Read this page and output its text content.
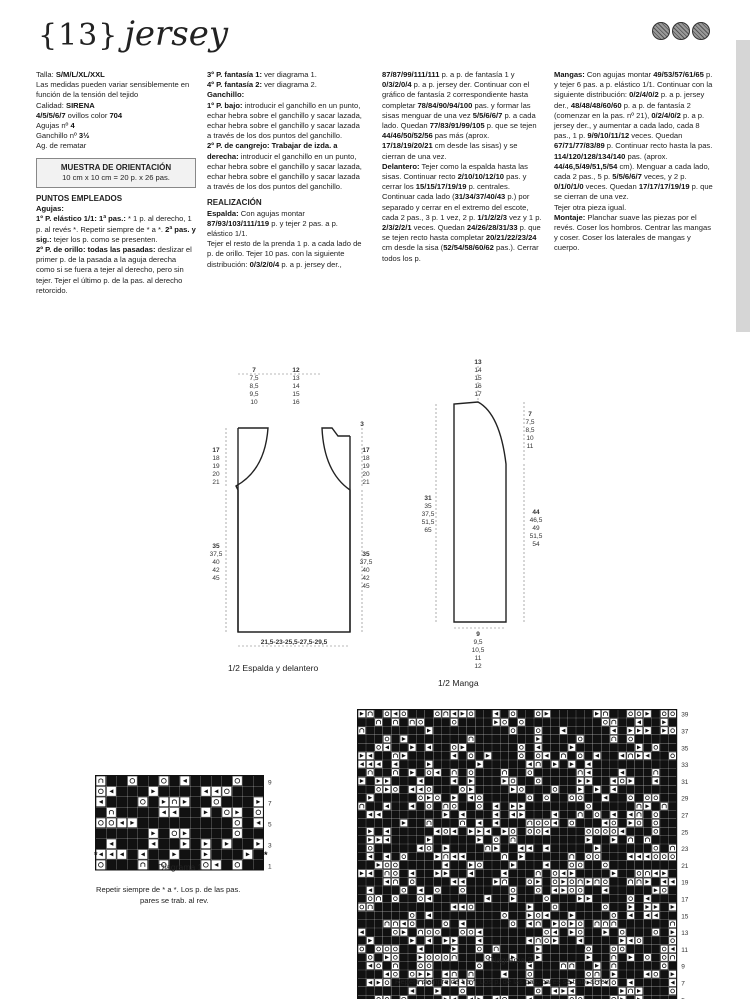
{13} jersey

Talla: S/M/L/XL/XXL

Las medidas pueden variar sensiblemente en función de la tensión del tejido

Calidad: SIRENA

4/5/5/6/7 ovillos color 704

Agujas nº 4

Ganchillo nº 3½

Ag. de rematar

MUESTRA DE ORIENTACIÓN
10 cm x 10 cm = 20 p. x 26 pas.

PUNTOS EMPLEADOS

Agujas:

1º P. elástico 1/1: 1ª pas.: * 1 p. al derecho, 1 p. al revés *. Repetir siempre de * a *. 2ª pas. y sig.: tejer los p. como se presenten.

2º P. de orillo: todas las pasadas: deslizar el primer p. de la pasada a la aguja derecha como si se fuera a tejer al derecho, pero sin tejer. Tejer el último p. de la pas. al derecho retorcido.

3º P. fantasía 1: ver diagrama 1.

4º P. fantasía 2: ver diagrama 2.

Ganchillo:

1º P. bajo: introducir el ganchillo en un punto, echar hebra sobre el ganchillo y sacar lazada, echar hebra sobre el ganchillo y sacar lazada a través de los dos puntos del ganchillo.

2º P. de cangrejo: Trabajar de izda. a derecha: introducir el ganchillo en un punto, echar hebra sobre el ganchillo y sacar lazada, echar hebra sobre el ganchillo y sacar lazada a través de los dos puntos del ganchillo.

REALIZACIÓN

Espalda: Con agujas montar 87/93/103/111/119 p. y tejer 2 pas. a p. elástico 1/1.

Tejer el resto de la prenda 1 p. a cada lado de p. de orillo. Tejer 10 pas. con la siguiente distribución: 0/3/2/0/4 p. a p. jersey der.,

87/87/99/111/111 p. a p. de fantasía 1 y 0/3/2/0/4 p. a p. jersey der. Continuar con el gráfico de fantasía 2 correspondiente hasta completar 78/84/90/94/100 pas. y formar las sisas menguar de una vez 5/5/6/6/7 p. a cada lado. Quedan 77/83/91/99/105 p. que se tejen 44/46/50/52/56 pas más (aprox. 17/18/19/20/21 cm desde las sisas) y se cierran de una vez.

Delantero: Tejer como la espalda hasta las sisas. Continuar recto 2/10/10/12/10 pas. y cerrar los 15/15/17/19/19 p. centrales. Continuar cada lado (31/34/37/40/43 p.) por separado y cerrar en el extremo del escote, cada 2 pas., 3 p. 1 vez, 2 p. 1/1/2/2/3 vez y 1 p. 2/3/2/2/1 veces. Quedan 24/26/28/31/33 p. que se tejen recto hasta completar 20/21/22/23/24 cm desde la sisa (52/54/58/60/62 pas.). Cerrar todos los p.

Mangas: Con agujas montar 49/53/57/61/65 p. y tejer 6 pas. a p. elástico 1/1. Continuar con la siguiente distribución: 0/2/4/0/2 p. a p. jersey der., 48/48/48/60/60 p. a p. de fantasía 2 (comenzar en la pas. nº 21), 0/2/4/0/2 p. a p. jersey der., y aumentar a cada lado, cada 8 pas., 1 p. 9/9/10/11/12 veces. Quedan 67/71/77/83/89 p. Continuar recto hasta la pas. 114/120/128/134/140 pas. (aprox. 44/46,5/49/51,5/54 cm). Menguar a cada lado, cada 2 pas., 5 p. 5/5/6/6/7 veces, y 2 p. 0/1/0/1/0 veces. Quedan 17/17/17/19/19 p. que se cierran de una vez.

Tejer otra pieza igual.

Montaje: Planchar suave las piezas por el revés. Coser los hombros. Centrar las mangas y coser. Coser los laterales de mangas y cuerpo.

7
7,5
8,5
9,5
10
12
13
14
15
16
3
17
18
19
20
21
17
18
19
20
21
35
37,5
40
42
45
35
37,5
40
42
45
21,5-23-25,5-27,5-29,5
1/2 Espalda y delantero
13
14
15
16
17
7
7,5
8,5
10
11
31
35
37,5
51,5
65
44
46,5
49
51,5
54
9
9,5
10,5
11
12
1/2 Manga
9
7
5
3
1
*	*
Diagrama 1
Repetir siempre de * a *. Los p. de las pas.
pares se trab. al rev.
39
37
35
33
31
29
27
25
23
21
19
17
15
13
11
9
7
*	*
Diagrama 2
Repetir siempre de * a *. Los p. de las pas. pares se trab. al rev.
